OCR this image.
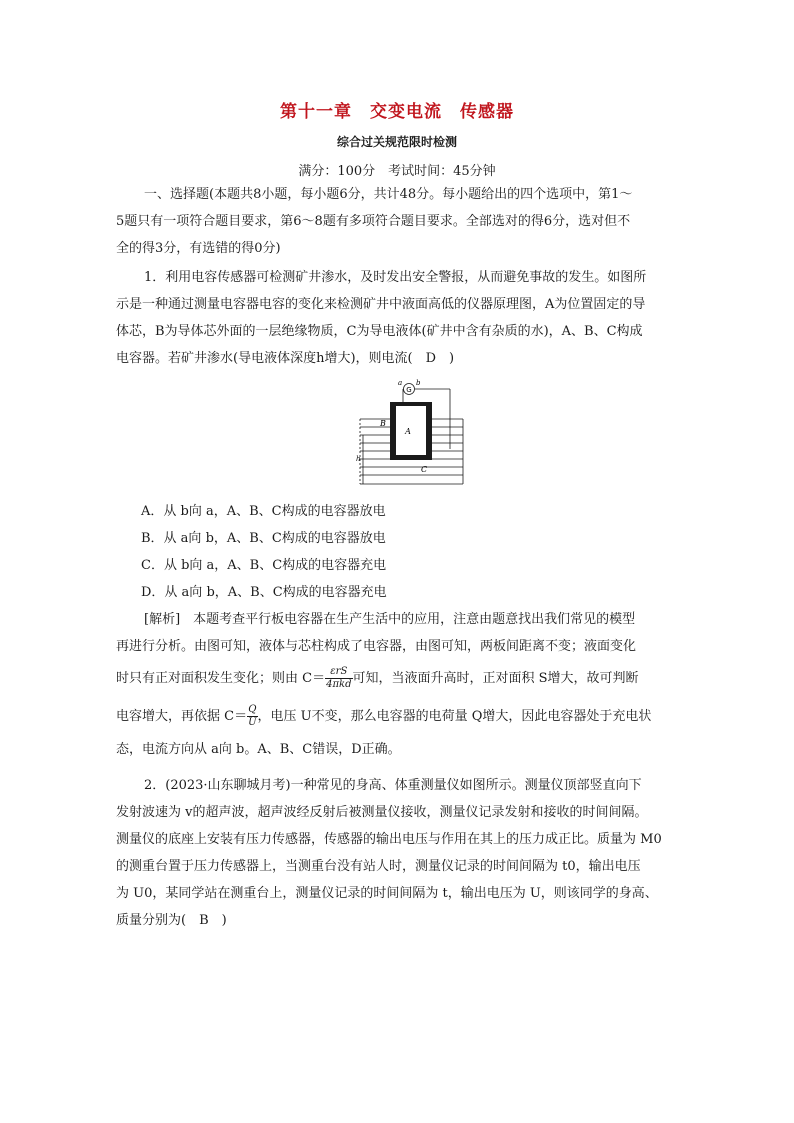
第十一章　交变电流　传感器
综合过关规范限时检测
满分：100分　考试时间：45分钟
一、选择题(本题共8小题，每小题6分，共计48分。每小题给出的四个选项中，第1～
5题只有一项符合题目要求，第6～8题有多项符合题目要求。全部选对的得6分，选对但不
全的得3分，有选错的得0分)
1．利用电容传感器可检测矿井渗水，及时发出安全警报，从而避免事故的发生。如图所
示是一种通过测量电容器电容的变化来检测矿井中液面高低的仪器原理图，A为位置固定的导
体芯，B为导体芯外面的一层绝缘物质，C为导电液体(矿井中含有杂质的水)，A、B、C构成
电容器。若矿井渗水(导电液体深度h增大)，则电流(　D　)
G
a b
A
B
C
h
A．从 b向 a，A、B、C构成的电容器放电
B．从 a向 b，A、B、C构成的电容器放电
C．从 b向 a，A、B、C构成的电容器充电
D．从 a向 b，A、B、C构成的电容器充电
[解析]　本题考查平行板电容器在生产生活中的应用，注意由题意找出我们常见的模型
再进行分析。由图可知，液体与芯柱构成了电容器，由图可知，两板间距离不变；液面变化
时只有正对面积发生变化；则由 $C= \frac{\text{εrS}}{\text{4πkd}}$ 可知，当液面升高时，正对面积 S增大，故可判断
电容增大，再依据 $C= \frac{Q}{U}$ ，电压 U不变，那么电容器的电荷量 Q增大，因此电容器处于充电状
态，电流方向从 a向 b。A、B、C错误，D正确。
2．(2023·山东聊城月考)一种常见的身高、体重测量仪如图所示。测量仪顶部竖直向下
发射波速为 v的超声波，超声波经反射后被测量仪接收，测量仪记录发射和接收的时间间隔。
测量仪的底座上安装有压力传感器，传感器的输出电压与作用在其上的压力成正比。质量为 M0
的测重台置于压力传感器上，当测重台没有站人时，测量仪记录的时间间隔为 t0，输出电压
为 U0，某同学站在测重台上，测量仪记录的时间间隔为 t，输出电压为 U，则该同学的身高、
质量分别为(　B　)
